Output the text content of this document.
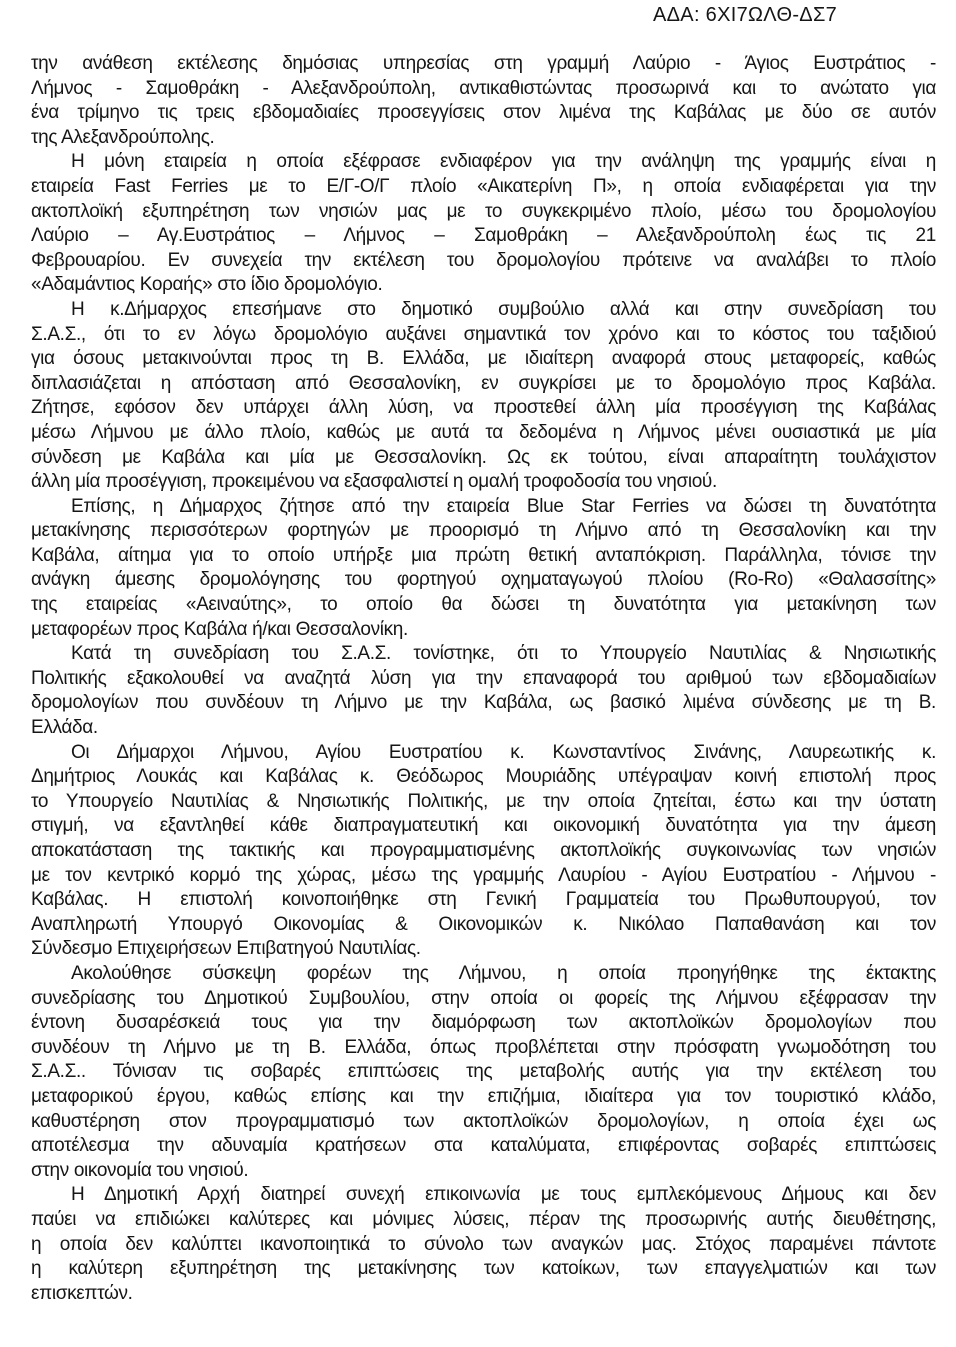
ΑΔΑ: 6ΧΙ7ΩΛΘ-ΔΣ7
την ανάθεση εκτέλεσης δημόσιας υπηρεσίας στη γραμμή Λαύριο - Άγιος Ευστράτιος -
Λήμνος - Σαμοθράκη - Αλεξανδρούπολη, αντικαθιστώντας προσωρινά και το ανώτατο για
ένα τρίμηνο τις τρεις εβδομαδιαίες προσεγγίσεις στον λιμένα της Καβάλας με δύο σε αυτόν
της Αλεξανδρούπολης.
Η μόνη εταιρεία η οποία εξέφρασε ενδιαφέρον για την ανάληψη της γραμμής είναι η
εταιρεία Fast Ferries με το Ε/Γ-Ο/Γ πλοίο «Αικατερίνη Π», η οποία ενδιαφέρεται για την
ακτοπλοϊκή εξυπηρέτηση των νησιών μας με το συγκεκριμένο πλοίο, μέσω του δρομολογίου
Λαύριο – Αγ.Ευστράτιος – Λήμνος – Σαμοθράκη – Αλεξανδρούπολη έως τις 21
Φεβρουαρίου. Εν συνεχεία την εκτέλεση του δρομολογίου πρότεινε να αναλάβει το πλοίο
«Αδαμάντιος Κοραής» στο ίδιο δρομολόγιο.
Η κ.Δήμαρχος επεσήμανε στο δημοτικό συμβούλιο αλλά και στην συνεδρίαση του
Σ.Α.Σ., ότι το εν λόγω δρομολόγιο αυξάνει σημαντικά τον χρόνο και το κόστος του ταξιδιού
για όσους μετακινούνται προς τη Β. Ελλάδα, με ιδιαίτερη αναφορά στους μεταφορείς, καθώς
διπλασιάζεται η απόσταση από Θεσσαλονίκη, εν συγκρίσει με το δρομολόγιο προς Καβάλα.
Ζήτησε, εφόσον δεν υπάρχει άλλη λύση, να προστεθεί άλλη μία προσέγγιση της Καβάλας
μέσω Λήμνου με άλλο πλοίο, καθώς με αυτά τα δεδομένα η Λήμνος μένει ουσιαστικά με μία
σύνδεση με Καβάλα και μία με Θεσσαλονίκη. Ως εκ τούτου, είναι απαραίτητη τουλάχιστον
άλλη μία προσέγγιση, προκειμένου να εξασφαλιστεί η ομαλή τροφοδοσία του νησιού.
Επίσης, η Δήμαρχος ζήτησε από την εταιρεία Blue Star Ferries να δώσει τη δυνατότητα
μετακίνησης περισσότερων φορτηγών με προορισμό τη Λήμνο από τη Θεσσαλονίκη και την
Καβάλα, αίτημα για το οποίο υπήρξε μια πρώτη θετική ανταπόκριση. Παράλληλα, τόνισε την
ανάγκη άμεσης δρομολόγησης του φορτηγού οχηματαγωγού πλοίου (Ro-Ro) «Θαλασσίτης»
της εταιρείας «Αειναύτης», το οποίο θα δώσει τη δυνατότητα για μετακίνηση των
μεταφορέων προς Καβάλα ή/και Θεσσαλονίκη.
Κατά τη συνεδρίαση του Σ.Α.Σ. τονίστηκε, ότι το Υπουργείο Ναυτιλίας & Νησιωτικής
Πολιτικής εξακολουθεί να αναζητά λύση για την επαναφορά του αριθμού των εβδομαδιαίων
δρομολογίων που συνδέουν τη Λήμνο με την Καβάλα, ως βασικό λιμένα σύνδεσης με τη Β.
Ελλάδα.
Οι Δήμαρχοι Λήμνου, Αγίου Ευστρατίου κ. Κωνσταντίνος Σινάνης, Λαυρεωτικής κ.
Δημήτριος Λουκάς και Καβάλας κ. Θεόδωρος Μουριάδης υπέγραψαν κοινή επιστολή προς
το Υπουργείο Ναυτιλίας & Νησιωτικής Πολιτικής, με την οποία ζητείται, έστω και την ύστατη
στιγμή, να εξαντληθεί κάθε διαπραγματευτική και οικονομική δυνατότητα για την άμεση
αποκατάσταση της τακτικής και προγραμματισμένης ακτοπλοϊκής συγκοινωνίας των νησιών
με τον κεντρικό κορμό της χώρας, μέσω της γραμμής Λαυρίου - Αγίου Ευστρατίου - Λήμνου -
Καβάλας. Η επιστολή κοινοποιήθηκε στη Γενική Γραμματεία του Πρωθυπουργού, τον
Αναπληρωτή Υπουργό Οικονομίας & Οικονομικών κ. Νικόλαο Παπαθανάση και τον
Σύνδεσμο Επιχειρήσεων Επιβατηγού Ναυτιλίας.
Ακολούθησε σύσκεψη φορέων της Λήμνου, η οποία προηγήθηκε της έκτακτης
συνεδρίασης του Δημοτικού Συμβουλίου, στην οποία οι φορείς της Λήμνου εξέφρασαν την
έντονη δυσαρέσκειά τους για την διαμόρφωση των ακτοπλοϊκών δρομολογίων που
συνδέουν τη Λήμνο με τη Β. Ελλάδα, όπως προβλέπεται στην πρόσφατη γνωμοδότηση του
Σ.Α.Σ.. Τόνισαν τις σοβαρές επιπτώσεις της μεταβολής αυτής για την εκτέλεση του
μεταφορικού έργου, καθώς επίσης και την επιζήμια, ιδιαίτερα για τον τουριστικό κλάδο,
καθυστέρηση στον προγραμματισμό των ακτοπλοϊκών δρομολογίων, η οποία έχει ως
αποτέλεσμα την αδυναμία κρατήσεων στα καταλύματα, επιφέροντας σοβαρές επιπτώσεις
στην οικονομία του νησιού.
Η Δημοτική Αρχή διατηρεί συνεχή επικοινωνία με τους εμπλεκόμενους Δήμους και δεν
παύει να επιδιώκει καλύτερες και μόνιμες λύσεις, πέραν της προσωρινής αυτής διευθέτησης,
η οποία δεν καλύπτει ικανοποιητικά το σύνολο των αναγκών μας. Στόχος παραμένει πάντοτε
η καλύτερη εξυπηρέτηση της μετακίνησης των κατοίκων, των επαγγελματιών και των
επισκεπτών.
